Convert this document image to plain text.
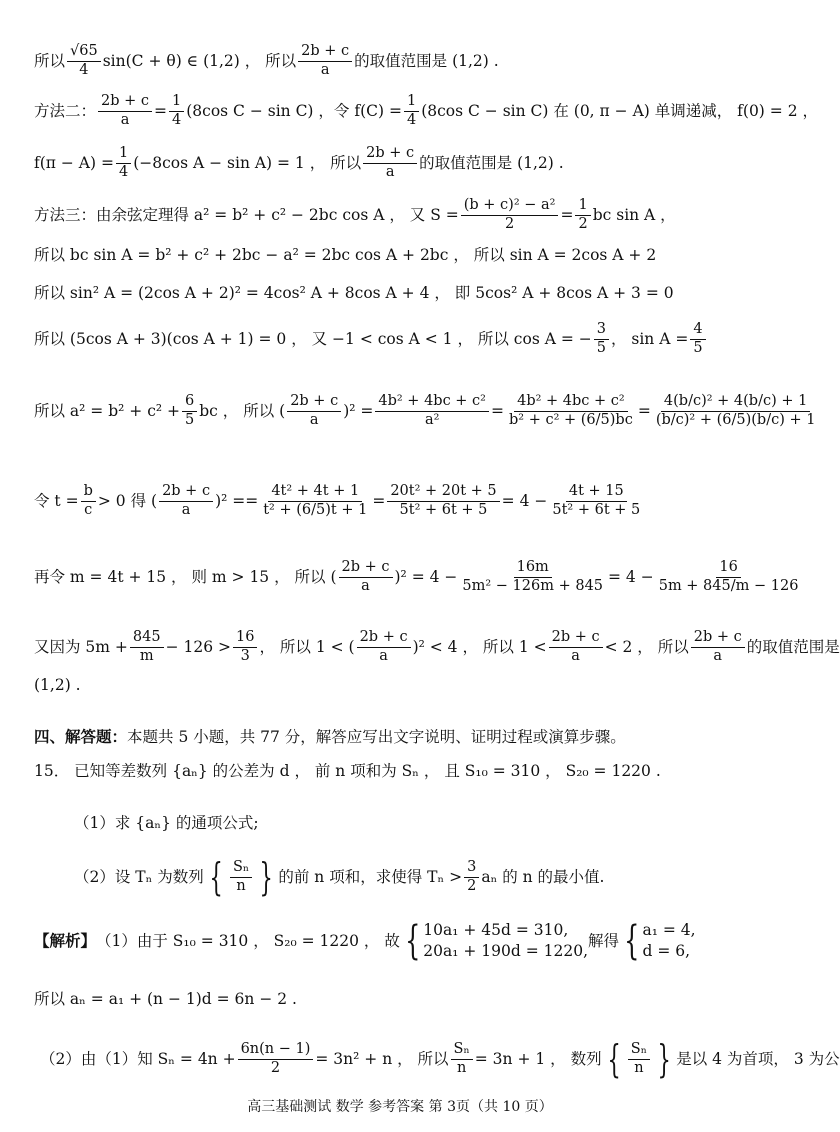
所以 $\frac{√65}{4} \sin(C + \theta)$ ∈ (1,2) ， 所以 $\frac{2b + c}{a}$ 的取值范围是 (1,2) .
方法二： $\frac{2b + c}{a} = \frac{1}{4} (8\cos$ C − sin C) ，令 $f(C) = \frac{1}{4} (8\cos$ C − sin C) 在 (0, π − A) 单调递减， f(0) = 2 ，
$f(\pi - A) = \frac{1}{4} (-8\cos$ A − sin A) = 1 ， 所以 $\frac{2b + c}{a}$ 的取值范围是 (1,2) .
方法三：由余弦定理得 a² = b² + c² − 2bc cos A ， 又 $S = \frac{\text{(b + c)² − a²}}{2} = \frac{1}{2}$ bc sin A ，
所以 bc sin A = b² + c² + 2bc − a² = 2bc cos A + 2bc ， 所以 sin A = 2cos A + 2
所以 sin² A = (2cos A + 2)² = 4cos² A + 8cos A + 4 ， 即 5cos² A + 8cos A + 3 = 0
所以 (5cos A + 3)(cos A + 1) = 0 ， 又 −1 < cos A < 1 ， 所以 cos A = − $\frac{3}{5}$ ， $\sin A = \frac{4}{5}$
所以 $a^2 = b^2 + c^2 + \frac{6}{5}$ bc ， 所以 ( $\frac{2b + c}{a} )^2 = \frac{\text{4b² + 4bc + c²}}{\text{a²}} = \frac{\text{4b² + 4bc + c²}}{\text{b² + c² + (6/5)bc}} = \frac{\text{4(b/c)² + 4(b/c) + 1}}{\text{(b/c)² + (6/5)(b/c) + 1}}$
令 $t = \frac{b}{c} > 0$ 得 ( $\frac{2b + c}{a} )^2 == \frac{\text{4t² + 4t + 1}}{\text{t² + (6/5)t + 1}} = \frac{\text{20t² + 20t + 5}}{\text{5t² + 6t + 5}} = 4 - \frac{4t + 15}{\text{5t² + 6t + 5}}$
再令 m = 4t + 15 ， 则 m > 15 ， 所以 ( $\frac{2b + c}{a} )^2 = 4 - \frac{16m}{\text{5m² − 126m + 845}} = 4 - \frac{16}{5m + 845/m - 126}$
又因为 $5m + \frac{845}{m} - 126 > \frac{16}{3}$ ， 所以 1 < ( $\frac{2b + c}{a} )^2 < 4$ ， 所以 $1 < \frac{2b + c}{a} < 2$ ， 所以 $\frac{2b + c}{a}$ 的取值范围是
(1,2) .
四、解答题： 本题共 5 小题，共 77 分，解答应写出文字说明、证明过程或演算步骤。
15． 已知等差数列 {aₙ} 的公差为 d ， 前 n 项和为 Sₙ ， 且 S₁₀ = 310 ， S₂₀ = 1220 .
（1）求 {aₙ} 的通项公式;
（2）设 Tₙ 为数列 { $\frac{\text{Sₙ}}{n}$ } 的前 n 项和，求使得 $T_n > \frac{3}{2}$ aₙ 的 n 的最小值.
【解析】 （1）由于 S₁₀ = 310 ， S₂₀ = 1220 ， 故 { 10a₁ + 45d = 310,
20a₁ + 190d = 1220,
解得 { a₁ = 4,
d = 6,
所以 aₙ = a₁ + (n − 1)d = 6n − 2 .
（2）由（1）知 $S_n = 4n + \frac{6n(n - 1)}{2} = 3n^2 + n$ ， 所以 $\frac{\text{Sₙ}}{n} = 3n + 1$ ， 数列 { $\frac{\text{Sₙ}}{n}$ } 是以 4 为首项， 3 为公
高三基础测试 数学 参考答案 第 3页（共 10 页）
